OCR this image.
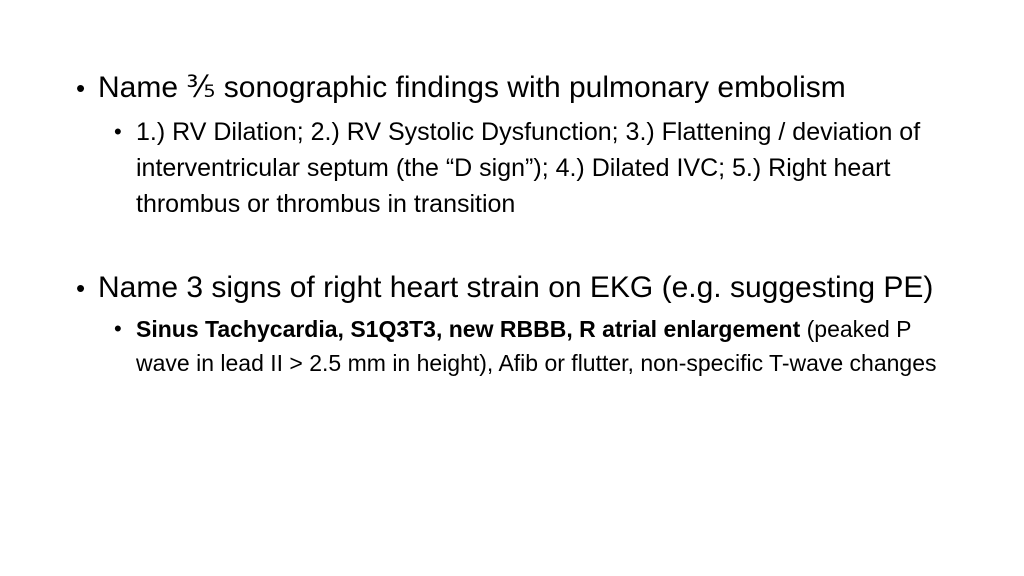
• Name ⅗ sonographic findings with pulmonary embolism
• 1.) RV Dilation; 2.) RV Systolic Dysfunction; 3.) Flattening / deviation of interventricular septum (the “D sign”); 4.) Dilated IVC; 5.) Right heart thrombus or thrombus in transition
• Name 3 signs of right heart strain on EKG (e.g. suggesting PE)
• Sinus Tachycardia, S1Q3T3, new RBBB, R atrial enlargement (peaked P wave in lead II > 2.5 mm in height), Afib or flutter, non-specific T-wave changes
